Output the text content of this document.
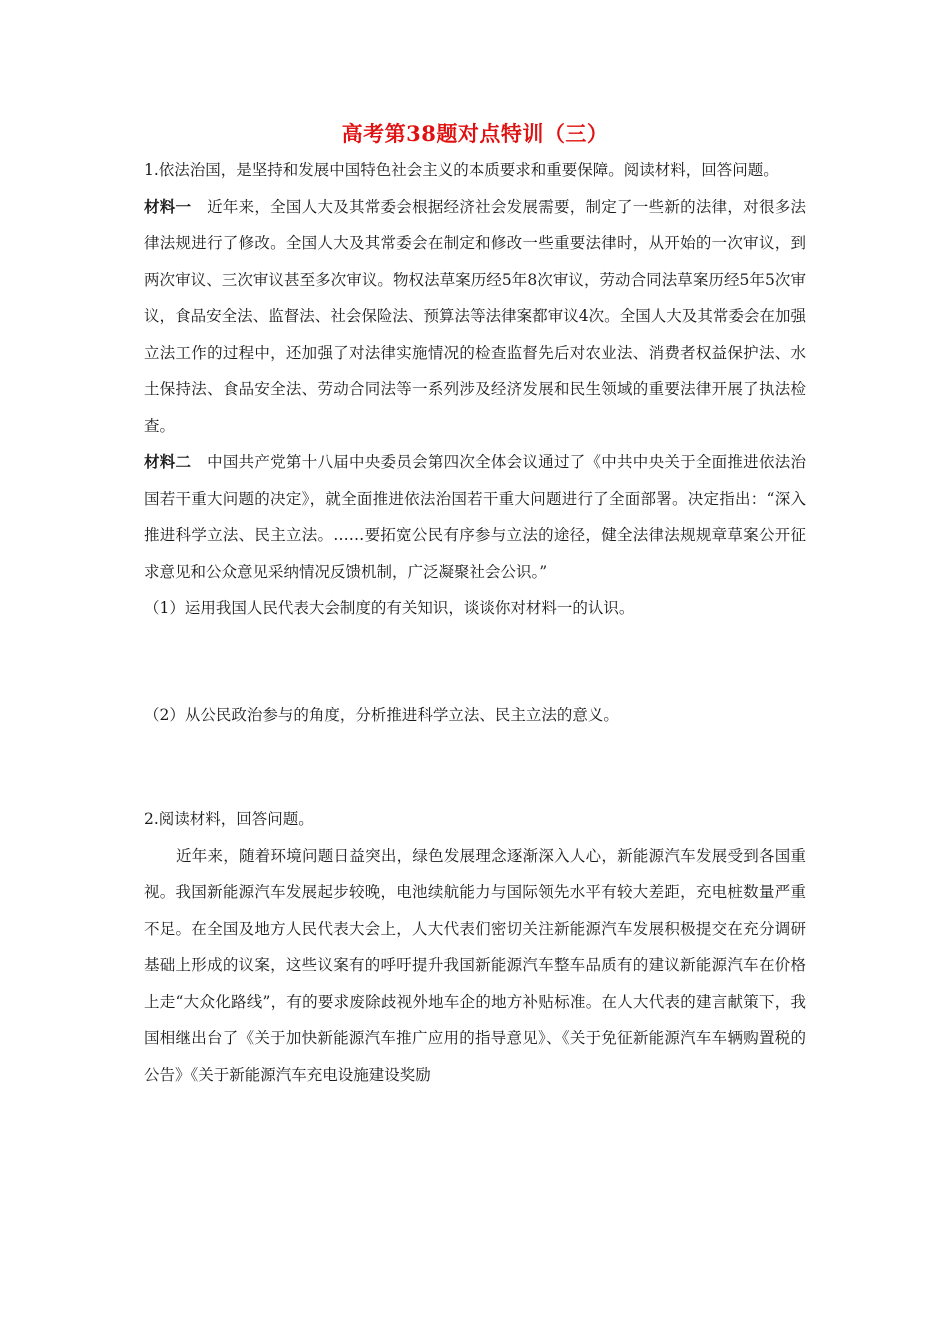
高考第38题对点特训（三）

1.依法治国，是坚持和发展中国特色社会主义的本质要求和重要保障。阅读材料，回答问题。

材料一　 近年来，全国人大及其常委会根据经济社会发展需要，制定了一些新的法律，对很多法律法规进行了修改。全国人大及其常委会在制定和修改一些重要法律时，从开始的一次审议，到两次审议、三次审议甚至多次审议。物权法草案历经5年8次审议，劳动合同法草案历经5年5次审议，食品安全法、监督法、社会保险法、预算法等法律案都审议4次。全国人大及其常委会在加强立法工作的过程中，还加强了对法律实施情况的检查监督先后对农业法、消费者权益保护法、水土保持法、食品安全法、劳动合同法等一系列涉及经济发展和民生领域的重要法律开展了执法检查。

材料二　 中国共产党第十八届中央委员会第四次全体会议通过了《中共中央关于全面推进依法治国若干重大问题的决定》，就全面推进依法治国若干重大问题进行了全面部署。决定指出：“深入推进科学立法、民主立法。……要拓宽公民有序参与立法的途径，健全法律法规规章草案公开征求意见和公众意见采纳情况反馈机制，广泛凝聚社会公识。”

（1）运用我国人民代表大会制度的有关知识，谈谈你对材料一的认识。

（2）从公民政治参与的角度，分析推进科学立法、民主立法的意义。

2.阅读材料，回答问题。

近年来，随着环境问题日益突出，绿色发展理念逐渐深入人心，新能源汽车发展受到各国重视。我国新能源汽车发展起步较晚，电池续航能力与国际领先水平有较大差距，充电桩数量严重不足。在全国及地方人民代表大会上，人大代表们密切关注新能源汽车发展积极提交在充分调研基础上形成的议案，这些议案有的呼吁提升我国新能源汽车整车品质有的建议新能源汽车在价格上走“大众化路线”，有的要求废除歧视外地车企的地方补贴标准。在人大代表的建言献策下，我国相继出台了《关于加快新能源汽车推广应用的指导意见》、《关于免征新能源汽车车辆购置税的公告》《关于新能源汽车充电设施建设奖励
